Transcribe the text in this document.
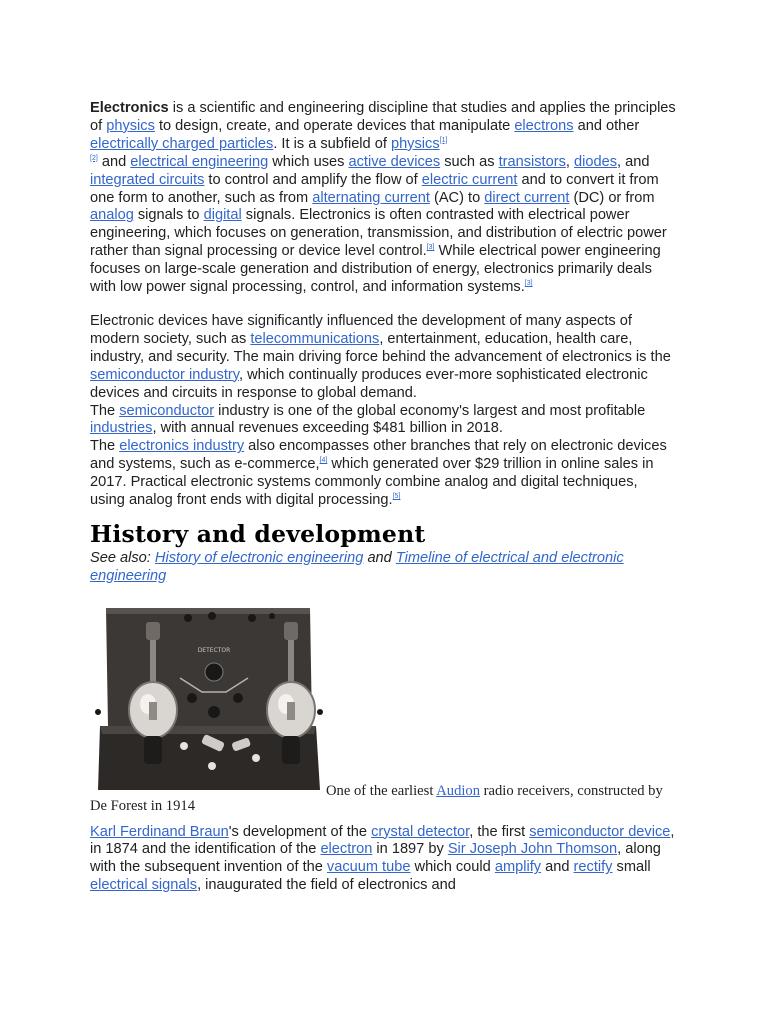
Electronics is a scientific and engineering discipline that studies and applies the principles of physics to design, create, and operate devices that manipulate electrons and other electrically charged particles. It is a subfield of physics[1]
[2] and electrical engineering which uses active devices such as transistors, diodes, and integrated circuits to control and amplify the flow of electric current and to convert it from one form to another, such as from alternating current (AC) to direct current (DC) or from analog signals to digital signals. Electronics is often contrasted with electrical power engineering, which focuses on generation, transmission, and distribution of electric power rather than signal processing or device level control.[3] While electrical power engineering focuses on large-scale generation and distribution of energy, electronics primarily deals with low power signal processing, control, and information systems.[3]

Electronic devices have significantly influenced the development of many aspects of modern society, such as telecommunications, entertainment, education, health care, industry, and security. The main driving force behind the advancement of electronics is the semiconductor industry, which continually produces ever-more sophisticated electronic devices and circuits in response to global demand.
The semiconductor industry is one of the global economy's largest and most profitable industries, with annual revenues exceeding $481 billion in 2018.
The electronics industry also encompasses other branches that rely on electronic devices and systems, such as e-commerce,[4] which generated over $29 trillion in online sales in 2017. Practical electronic systems commonly combine analog and digital techniques, using analog front ends with digital processing.[5]

History and development

See also: History of electronic engineering and Timeline of electrical and electronic engineering

DETECTOR
One of the earliest Audion radio receivers, constructed by
De Forest in 1914

Karl Ferdinand Braun's development of the crystal detector, the first semiconductor device, in 1874 and the identification of the electron in 1897 by Sir Joseph John Thomson, along with the subsequent invention of the vacuum tube which could amplify and rectify small electrical signals, inaugurated the field of electronics and
